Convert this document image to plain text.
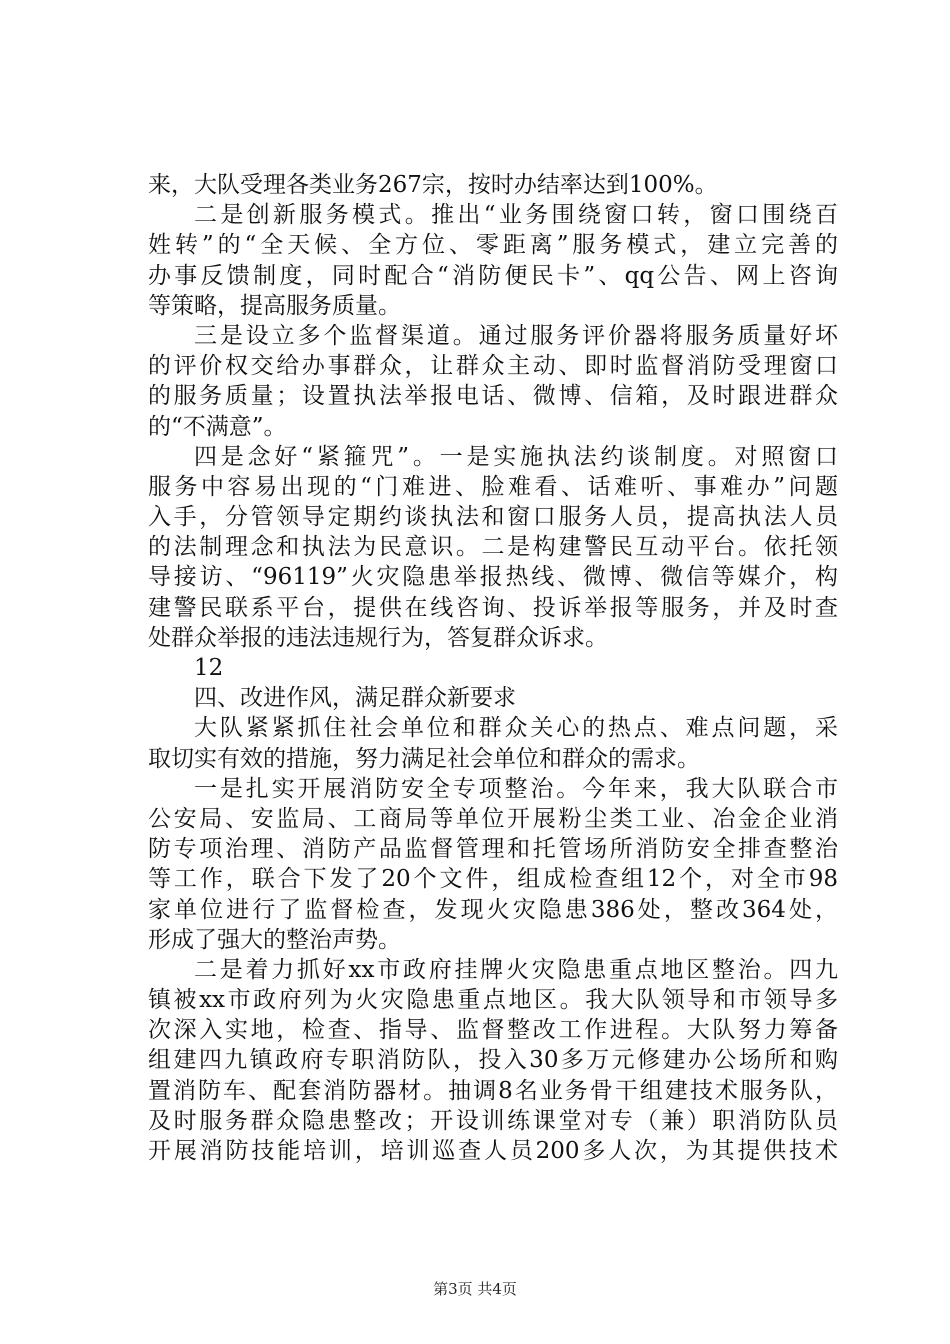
来，大队受理各类业务267宗，按时办结率达到100%。
二是创新服务模式。推出“业务围绕窗口转，窗口围绕百
姓转”的“全天候、全方位、零距离”服务模式，建立完善的
办事反馈制度，同时配合“消防便民卡”、qq公告、网上咨询
等策略，提高服务质量。
三是设立多个监督渠道。通过服务评价器将服务质量好坏
的评价权交给办事群众，让群众主动、即时监督消防受理窗口
的服务质量；设置执法举报电话、微博、信箱，及时跟进群众
的“不满意”。
四是念好“紧箍咒”。一是实施执法约谈制度。对照窗口
服务中容易出现的“门难进、脸难看、话难听、事难办”问题
入手，分管领导定期约谈执法和窗口服务人员，提高执法人员
的法制理念和执法为民意识。二是构建警民互动平台。依托领
导接访、“96119”火灾隐患举报热线、微博、微信等媒介，构
建警民联系平台，提供在线咨询、投诉举报等服务，并及时查
处群众举报的违法违规行为，答复群众诉求。
12
四、改进作风，满足群众新要求
大队紧紧抓住社会单位和群众关心的热点、难点问题，采
取切实有效的措施，努力满足社会单位和群众的需求。
一是扎实开展消防安全专项整治。今年来，我大队联合市
公安局、安监局、工商局等单位开展粉尘类工业、冶金企业消
防专项治理、消防产品监督管理和托管场所消防安全排查整治
等工作，联合下发了20个文件，组成检查组12个，对全市98
家单位进行了监督检查，发现火灾隐患386处，整改364处，
形成了强大的整治声势。
二是着力抓好xx市政府挂牌火灾隐患重点地区整治。四九
镇被xx市政府列为火灾隐患重点地区。我大队领导和市领导多
次深入实地，检查、指导、监督整改工作进程。大队努力筹备
组建四九镇政府专职消防队，投入30多万元修建办公场所和购
置消防车、配套消防器材。抽调8名业务骨干组建技术服务队，
及时服务群众隐患整改；开设训练课堂对专（兼）职消防队员
开展消防技能培训，培训巡查人员200多人次，为其提供技术
第3页 共4页
